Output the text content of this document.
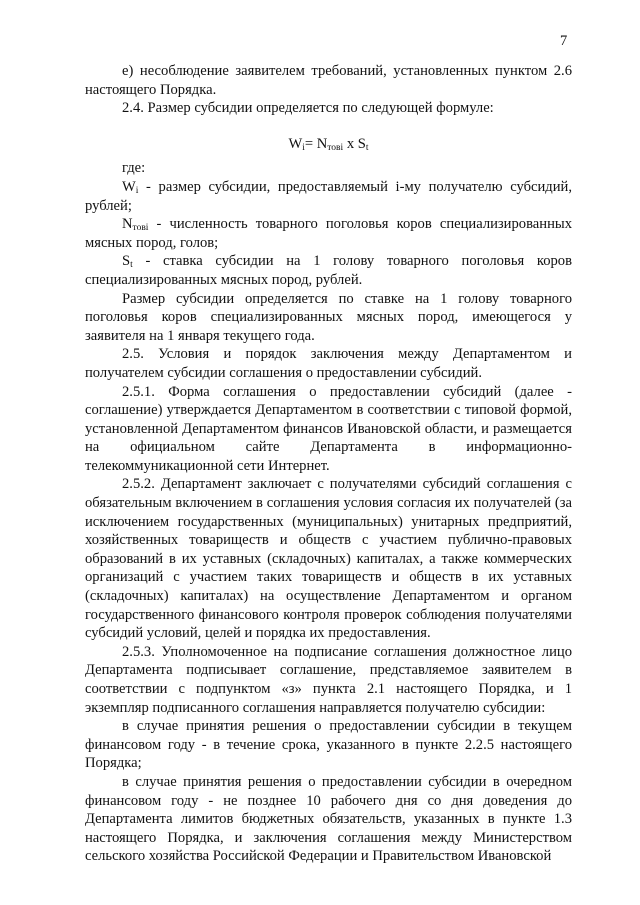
7

е) несоблюдение заявителем требований, установленных пунктом 2.6 настоящего Порядка.

2.4. Размер субсидии определяется по следующей формуле:

$W_i= N_{товi}$ x $S_t$

где:

$W_i$ - размер субсидии, предоставляемый i-му получателю субсидий, рублей;

$N_{товi}$ - численность товарного поголовья коров специализированных мясных пород, голов;

$S_t$ - ставка субсидии на 1 голову товарного поголовья коров специализированных мясных пород, рублей.

Размер субсидии определяется по ставке на 1 голову товарного поголовья коров специализированных мясных пород, имеющегося у заявителя на 1 января текущего года.

2.5. Условия и порядок заключения между Департаментом и получателем субсидии соглашения о предоставлении субсидий.

2.5.1. Форма соглашения о предоставлении субсидий (далее - соглашение) утверждается Департаментом в соответствии с типовой формой, установленной Департаментом финансов Ивановской области, и размещается на официальном сайте Департамента в информационно-телекоммуникационной сети Интернет.

2.5.2. Департамент заключает с получателями субсидий соглашения с обязательным включением в соглашения условия согласия их получателей (за исключением государственных (муниципальных) унитарных предприятий, хозяйственных товариществ и обществ с участием публично-правовых образований в их уставных (складочных) капиталах, а также коммерческих организаций с участием таких товариществ и обществ в их уставных (складочных) капиталах) на осуществление Департаментом и органом государственного финансового контроля проверок соблюдения получателями субсидий условий, целей и порядка их предоставления.

2.5.3. Уполномоченное на подписание соглашения должностное лицо Департамента подписывает соглашение, представляемое заявителем в соответствии с подпунктом «з» пункта 2.1 настоящего Порядка, и 1 экземпляр подписанного соглашения направляется получателю субсидии:

в случае принятия решения о предоставлении субсидии в текущем финансовом году - в течение срока, указанного в пункте 2.2.5 настоящего Порядка;

в случае принятия решения о предоставлении субсидии в очередном финансовом году - не позднее 10 рабочего дня со дня доведения до Департамента лимитов бюджетных обязательств, указанных в пункте 1.3 настоящего Порядка, и заключения соглашения между Министерством сельского хозяйства Российской Федерации и Правительством Ивановской
